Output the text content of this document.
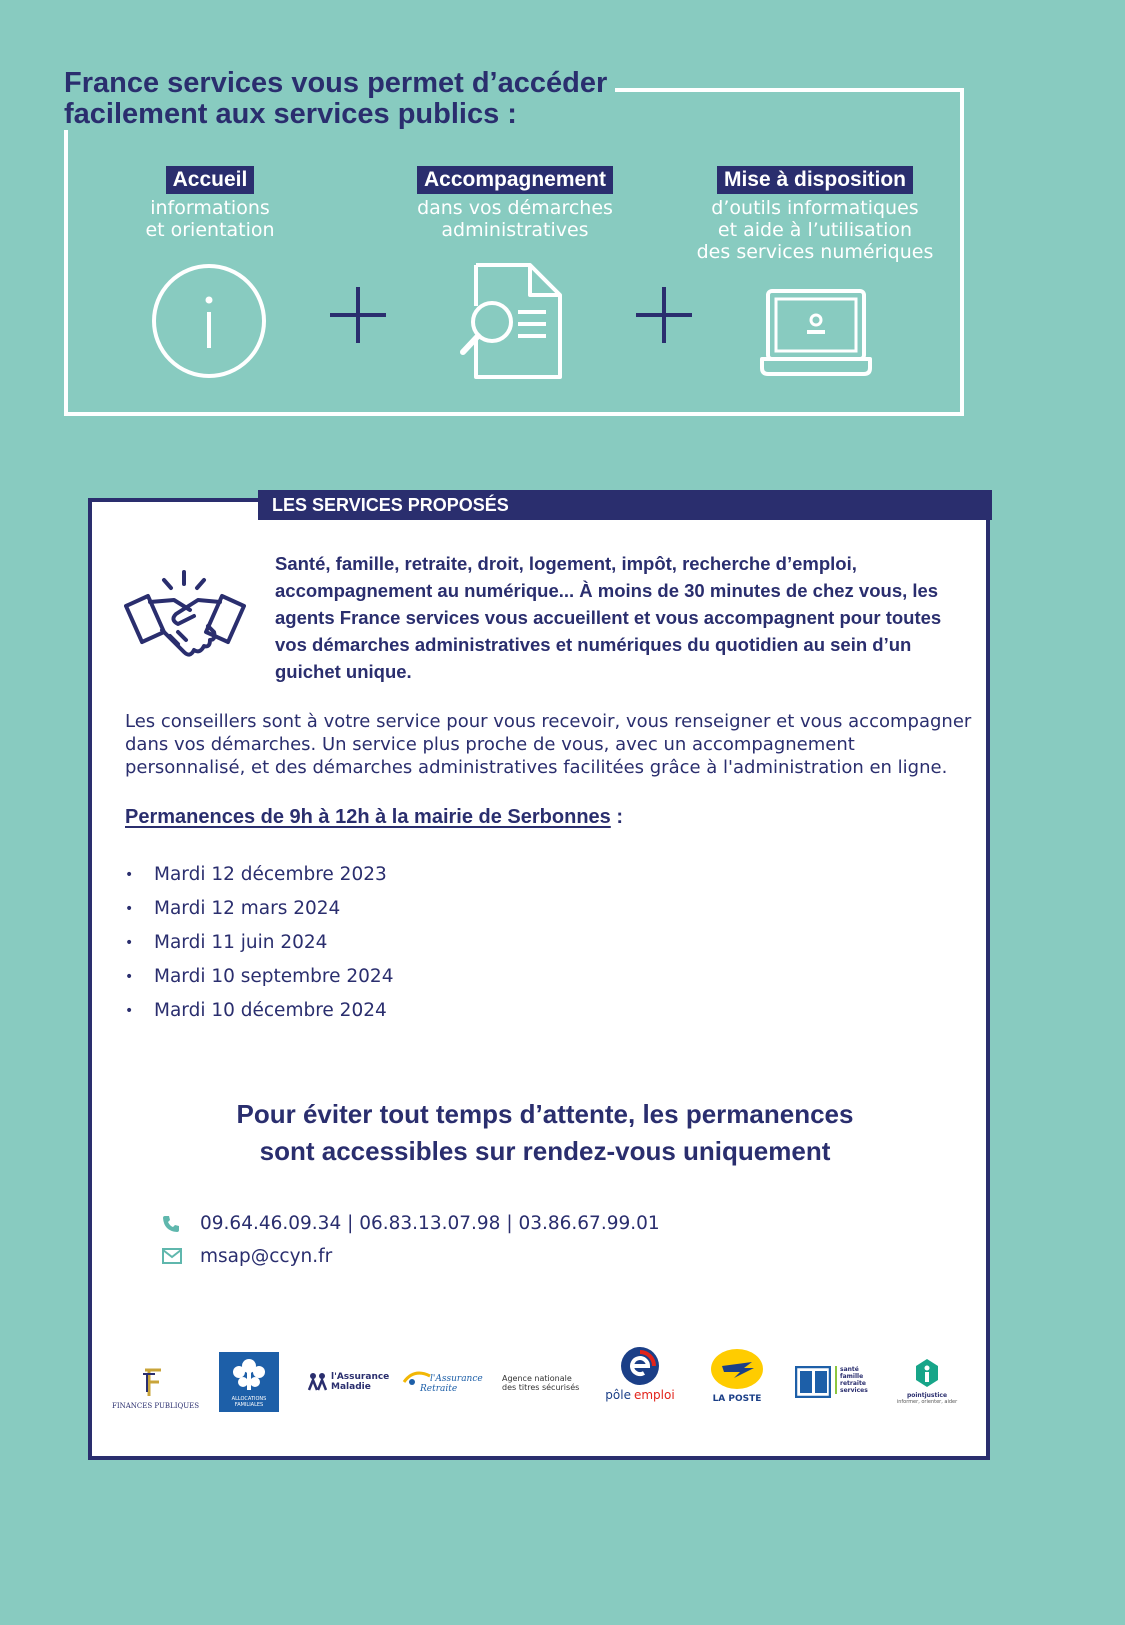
France services vous permet d’accéder
facilement aux services publics :
Accueil
informations
et orientation
Accompagnement
dans vos démarches
administratives
Mise à disposition
d’outils informatiques
et aide à l’utilisation
des services numériques
LES SERVICES PROPOSÉS
Santé, famille, retraite, droit, logement, impôt, recherche d’emploi, accompagnement au numérique... À moins de 30 minutes de chez vous, les agents France services vous accueillent et vous accompagnent pour toutes vos démarches administratives et numériques du quotidien au sein d’un guichet unique.
Les conseillers sont à votre service pour vous recevoir, vous renseigner et vous accompagner dans vos démarches. Un service plus proche de vous, avec un accompagnement personnalisé, et des démarches administratives facilitées grâce à l'administration en ligne.
Permanences de 9h à 12h à la mairie de Serbonnes :
• Mardi 12 décembre 2023
• Mardi 12 mars 2024
• Mardi 11 juin 2024
• Mardi 10 septembre 2024
• Mardi 10 décembre 2024
Pour éviter tout temps d’attente, les permanences
sont accessibles sur rendez-vous uniquement
09.64.46.09.34 | 06.83.13.07.98 | 03.86.67.99.01
msap@ccyn.fr
FINANCES PUBLIQUES
ALLOCATIONS FAMILIALES
l'Assurance
Maladie
l'Assurance
Retraite
Agence nationale
des titres sécurisés
pôle emploi	LA POSTE
santé
famille
retraite
services
pointjustice
informer, orienter, aider
